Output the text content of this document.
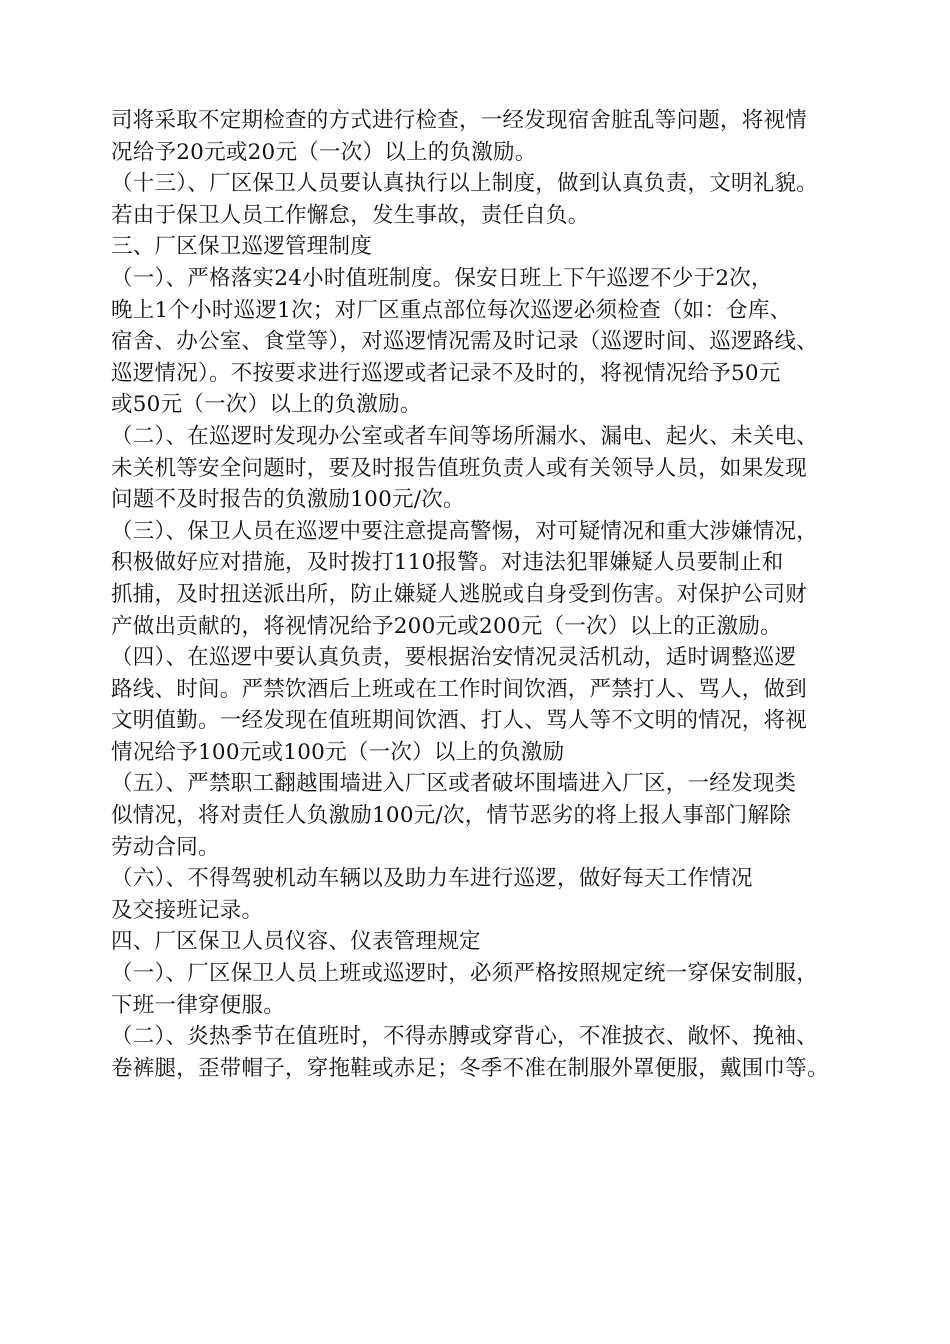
司将采取不定期检查的方式进行检查，一经发现宿舍脏乱等问题，将视情
况给予20元或20元（一次）以上的负激励。
（十三）、厂区保卫人员要认真执行以上制度，做到认真负责，文明礼貌。
若由于保卫人员工作懈怠，发生事故，责任自负。
三、厂区保卫巡逻管理制度
（一）、严格落实24小时值班制度。保安日班上下午巡逻不少于2次，
晚上1个小时巡逻1次；对厂区重点部位每次巡逻必须检查（如：仓库、
宿舍、办公室、食堂等），对巡逻情况需及时记录（巡逻时间、巡逻路线、
巡逻情况）。不按要求进行巡逻或者记录不及时的，将视情况给予50元
或50元（一次）以上的负激励。
（二）、在巡逻时发现办公室或者车间等场所漏水、漏电、起火、未关电、
未关机等安全问题时，要及时报告值班负责人或有关领导人员，如果发现
问题不及时报告的负激励100元/次。
（三）、保卫人员在巡逻中要注意提高警惕，对可疑情况和重大涉嫌情况，
积极做好应对措施，及时拨打110报警。对违法犯罪嫌疑人员要制止和
抓捕，及时扭送派出所，防止嫌疑人逃脱或自身受到伤害。对保护公司财
产做出贡献的，将视情况给予200元或200元（一次）以上的正激励。
（四）、在巡逻中要认真负责，要根据治安情况灵活机动，适时调整巡逻
路线、时间。严禁饮酒后上班或在工作时间饮酒，严禁打人、骂人，做到
文明值勤。一经发现在值班期间饮酒、打人、骂人等不文明的情况，将视
情况给予100元或100元（一次）以上的负激励
（五）、严禁职工翻越围墙进入厂区或者破坏围墙进入厂区，一经发现类
似情况，将对责任人负激励100元/次，情节恶劣的将上报人事部门解除
劳动合同。
（六）、不得驾驶机动车辆以及助力车进行巡逻，做好每天工作情况
及交接班记录。
四、厂区保卫人员仪容、仪表管理规定
（一）、厂区保卫人员上班或巡逻时，必须严格按照规定统一穿保安制服，
下班一律穿便服。
（二）、炎热季节在值班时，不得赤膊或穿背心，不准披衣、敞怀、挽袖、
卷裤腿，歪带帽子，穿拖鞋或赤足；冬季不准在制服外罩便服，戴围巾等。
